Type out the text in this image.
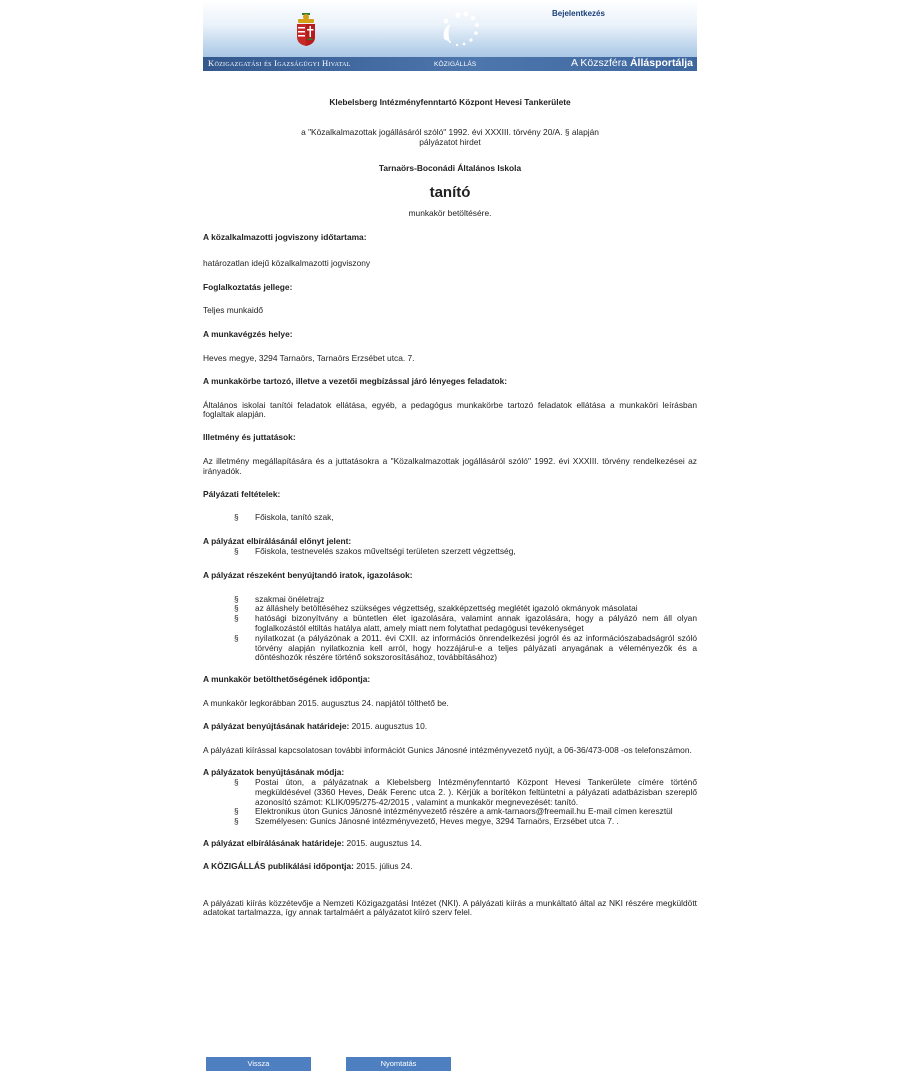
Bejelentkezés
Közigazgatási és Igazságügyi Hivatal	KÖZIGÁLLÁS	A Közszféra Állásportálja

Klebelsberg Intézményfenntartó Központ Hevesi Tankerülete

a "Közalkalmazottak jogállásáról szóló" 1992. évi XXXIII. törvény 20/A. § alapján

pályázatot hirdet

Tarnaörs-Boconádi Általános Iskola

tanító

munkakör betöltésére.

A közalkalmazotti jogviszony időtartama:

határozatlan idejű közalkalmazotti jogviszony

Foglalkoztatás jellege:

Teljes munkaidő

A munkavégzés helye:

Heves megye, 3294 Tarnaörs, Tarnaörs Erzsébet utca. 7.

A munkakörbe tartozó, illetve a vezetői megbízással járó lényeges feladatok:

Általános iskolai tanítói feladatok ellátása, egyéb, a pedagógus munkakörbe tartozó feladatok ellátása a munkaköri leírásban foglaltak alapján.

Illetmény és juttatások:

Az illetmény megállapítására és a juttatásokra a "Közalkalmazottak jogállásáról szóló" 1992. évi XXXIII. törvény rendelkezései az irányadók.

Pályázati feltételek:

§ Főiskola, tanító szak,

A pályázat elbírálásánál előnyt jelent:

§ Főiskola, testnevelés szakos műveltségi területen szerzett végzettség,

A pályázat részeként benyújtandó iratok, igazolások:

§ szakmai önéletrajz
§ az álláshely betöltéséhez szükséges végzettség, szakképzettség meglétét igazoló okmányok másolatai
§ hatósági bizonyítvány a büntetlen élet igazolására, valamint annak igazolására, hogy a pályázó nem áll olyan foglalkozástól eltiltás hatálya alatt, amely miatt nem folytathat pedagógusi tevékenységet
§ nyilatkozat (a pályázónak a 2011. évi CXII. az információs önrendelkezési jogról és az információszabadságról szóló törvény alapján nyilatkoznia kell arról, hogy hozzájárul-e a teljes pályázati anyagának a véleményezők és a döntéshozók részére történő sokszorosításához, továbbításához)

A munkakör betölthetőségének időpontja:

A munkakör legkorábban 2015. augusztus 24. napjától tölthető be.

A pályázat benyújtásának határideje: 2015. augusztus 10.

A pályázati kiírással kapcsolatosan további információt Gunics Jánosné intézményvezető nyújt, a 06-36/473-008 -os telefonszámon.

A pályázatok benyújtásának módja:

§ Postai úton, a pályázatnak a Klebelsberg Intézményfenntartó Központ Hevesi Tankerülete címére történő megküldésével (3360 Heves, Deák Ferenc utca 2. ). Kérjük a borítékon feltüntetni a pályázati adatbázisban szereplő azonosító számot: KLIK/095/275-42/2015 , valamint a munkakör megnevezését: tanító.
§ Elektronikus úton Gunics Jánosné intézményvezető részére a amk-tarnaors@freemail.hu E-mail címen keresztül
§ Személyesen: Gunics Jánosné intézményvezető, Heves megye, 3294 Tarnaörs, Erzsébet utca 7. .

A pályázat elbírálásának határideje: 2015. augusztus 14.

A KÖZIGÁLLÁS publikálási időpontja: 2015. július 24.

A pályázati kiírás közzétevője a Nemzeti Közigazgatási Intézet (NKI). A pályázati kiírás a munkáltató által az NKI részére megküldött adatokat tartalmazza, így annak tartalmáért a pályázatot kiíró szerv felel.

Vissza	Nyomtatás
